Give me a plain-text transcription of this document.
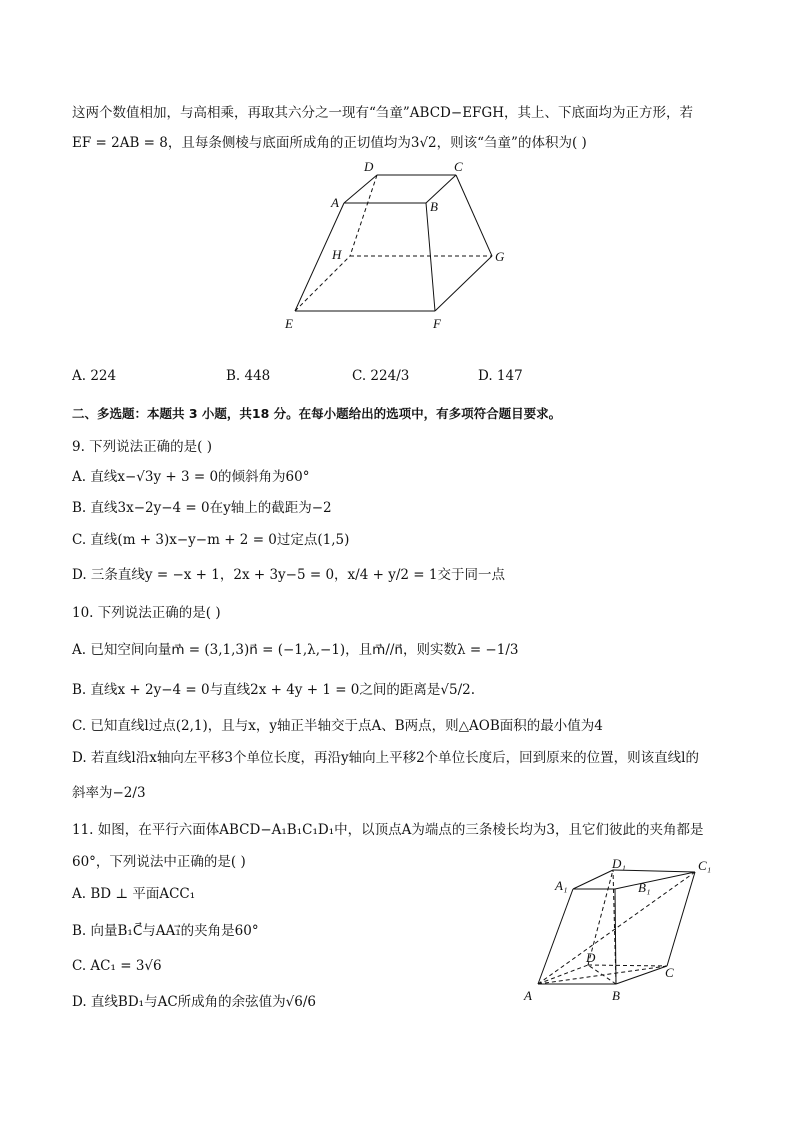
这两个数值相加，与高相乘，再取其六分之一现有“刍童”ABCD−EFGH，其上、下底面均为正方形，若
EF = 2AB = 8，且每条侧棱与底面所成角的正切值均为3√2，则该“刍童”的体积为( )
D	C
A	B
H	G
E	F
A. 224	B. 448	C. 224/3	D. 147
二、多选题：本题共 3 小题，共18 分。在每小题给出的选项中，有多项符合题目要求。
9. 下列说法正确的是( )
A. 直线x−√3y + 3 = 0的倾斜角为60°
B. 直线3x−2y−4 = 0在y轴上的截距为−2
C. 直线(m + 3)x−y−m + 2 = 0过定点(1,5)
D. 三条直线y = −x + 1，2x + 3y−5 = 0，x/4 + y/2 = 1交于同一点
10. 下列说法正确的是( )
A. 已知空间向量m⃗ = (3,1,3)n⃗ = (−1,λ,−1)，且m⃗//n⃗，则实数λ = −1/3
B. 直线x + 2y−4 = 0与直线2x + 4y + 1 = 0之间的距离是√5/2.
C. 已知直线l过点(2,1)，且与x，y轴正半轴交于点A、B两点，则△AOB面积的最小值为4
D. 若直线l沿x轴向左平移3个单位长度，再沿y轴向上平移2个单位长度后，回到原来的位置，则该直线l的
斜率为−2/3
11. 如图，在平行六面体ABCD−A₁B₁C₁D₁中，以顶点A为端点的三条棱长均为3，且它们彼此的夹角都是
60°，下列说法中正确的是( )
A. BD ⊥ 平面ACC₁
B. 向量B₁C⃗与AA₁⃗的夹角是60°
C. AC₁ = 3√6
D. 直线BD₁与AC所成角的余弦值为√6/6
A₁	B₁
C₁
D₁
A	B
C
D
